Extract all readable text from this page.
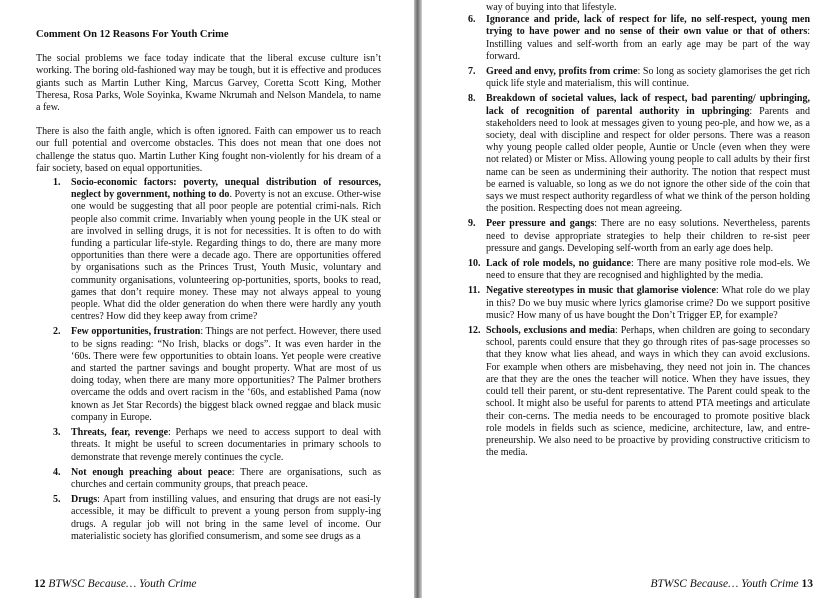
Comment On 12 Reasons For Youth Crime

The social problems we face today indicate that the liberal excuse culture isn’t working. The boring old-fashioned way may be tough, but it is effective and produces giants such as Martin Luther King, Marcus Garvey, Coretta Scott King, Mother Theresa, Rosa Parks, Wole Soyinka, Kwame Nkrumah and Nelson Mandela, to name a few.

There is also the faith angle, which is often ignored. Faith can empower us to reach our full potential and overcome obstacles. This does not mean that one does not challenge the status quo. Martin Luther King fought non-violently for his dream of a fair society, based on equal opportunities.

1. Socio-economic factors: poverty, unequal distribution of resources, neglect by government, nothing to do. Poverty is not an excuse. Other-wise one would be suggesting that all poor people are potential crimi-nals. Rich people also commit crime. Invariably when young people in the UK steal or are involved in selling drugs, it is not for necessities. It is often to do with funding a particular life-style. Regarding things to do, there are many more opportunities than there were a decade ago. There are opportunities offered by organisations such as the Princes Trust, Youth Music, voluntary and community organisations, volunteering op-portunities, sports, books to read, games that don’t require money. These may not always appeal to young people. What did the older generation do when there were hardly any youth centres? How did they keep away from crime?
2. Few opportunities, frustration: Things are not perfect. However, there used to be signs reading: “No Irish, blacks or dogs”. It was even harder in the ‘60s. There were few opportunities to obtain loans. Yet people were creative and started the partner savings and bought property. What are most of us doing today, when there are many more opportunities? The Palmer brothers overcame the odds and overt racism in the ‘60s, and established Pama (now known as Jet Star Records) the biggest black owned reggae and black music company in Europe.
3. Threats, fear, revenge: Perhaps we need to access support to deal with threats. It might be useful to screen documentaries in primary schools to demonstrate that revenge merely continues the cycle.
4. Not enough preaching about peace: There are organisations, such as churches and certain community groups, that preach peace.
5. Drugs: Apart from instilling values, and ensuring that drugs are not easi-ly accessible, it may be difficult to prevent a young person from supply-ing drugs. A regular job will not bring in the same level of income. Our materialistic society has glorified consumerism, and some see drugs as a
12 BTWSC Because… Youth Crime
way of buying into that lifestyle.
6. Ignorance and pride, lack of respect for life, no self-respect, young men trying to have power and no sense of their own value or that of others: Instilling values and self-worth from an early age may be part of the way forward.
7. Greed and envy, profits from crime: So long as society glamorises the get rich quick life style and materialism, this will continue.
8. Breakdown of societal values, lack of respect, bad parenting/ upbringing, lack of recognition of parental authority in upbringing: Parents and stakeholders need to look at messages given to young peo-ple, and how we, as a society, deal with discipline and respect for older persons. There was a reason why young people called older people, Auntie or Uncle (even when they were not related) or Mister or Miss. Allowing young people to call adults by their first name can be seen as undermining their authority. The notion that respect must be earned is valuable, so long as we do not ignore the other side of the coin that says we must respect authority regardless of what we think of the person holding the position. Respecting does not mean agreeing.
9. Peer pressure and gangs: There are no easy solutions. Nevertheless, parents need to devise appropriate strategies to help their children to re-sist peer pressure and gangs. Developing self-worth from an early age does help.
10. Lack of role models, no guidance: There are many positive role mod-els. We need to ensure that they are recognised and highlighted by the media.
11. Negative stereotypes in music that glamorise violence: What role do we play in this? Do we buy music where lyrics glamorise crime? Do we support positive music? How many of us have bought the Don’t Trigger EP, for example?
12. Schools, exclusions and media: Perhaps, when children are going to secondary school, parents could ensure that they go through rites of pas-sage processes so that they know what lies ahead, and ways in which they can avoid exclusions. For example when others are misbehaving, they need not join in. The chances are that they are the ones the teacher will notice. When they have issues, they could tell their parent, or stu-dent representative. The Parent could speak to the school. It might also be useful for parents to attend PTA meetings and articulate their con-cerns. The media needs to be encouraged to promote positive black role models in fields such as science, medicine, architecture, law, and entre-preneurship. We also need to be proactive by providing constructive criticism to the media.
BTWSC Because… Youth Crime 13
